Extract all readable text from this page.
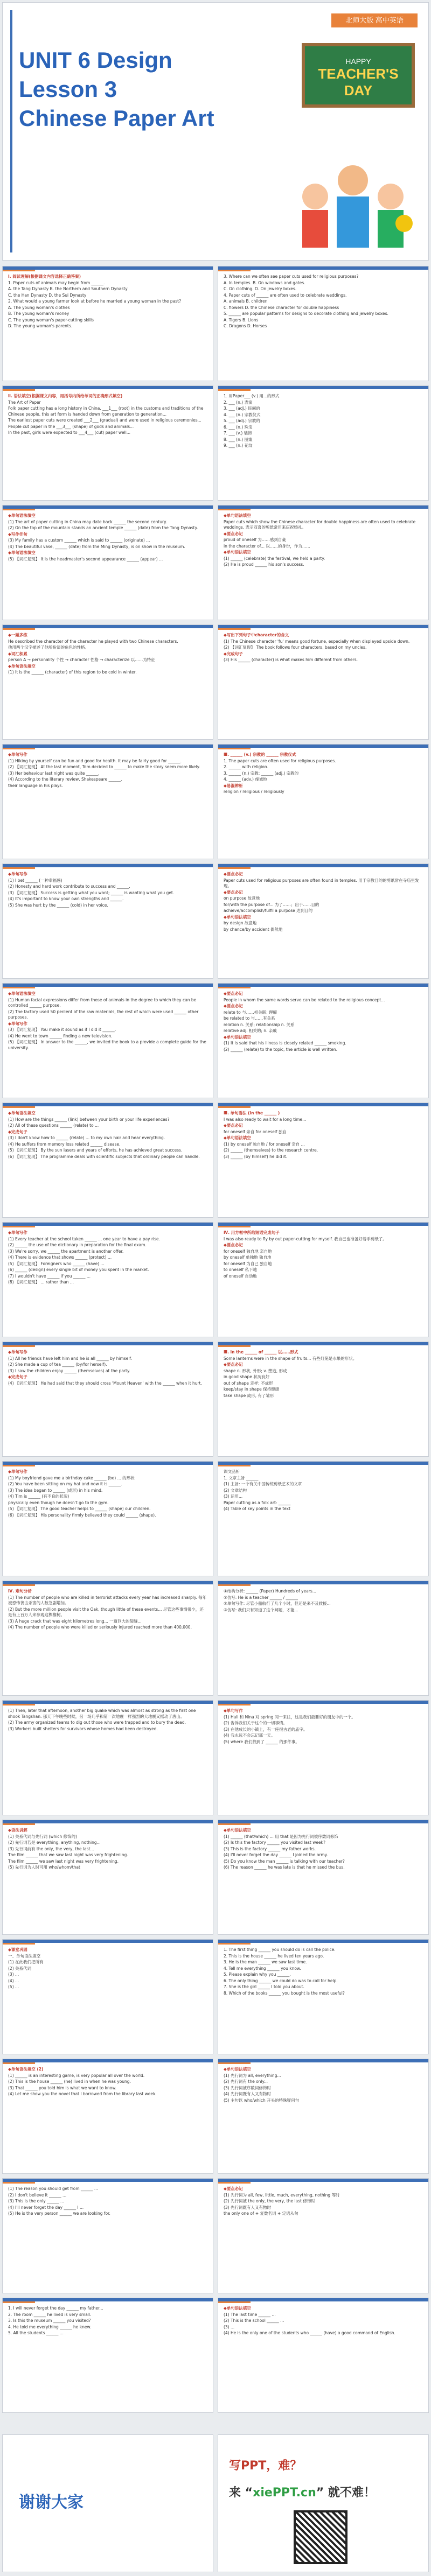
北师大版 高中英语
UNIT 6 Design
Lesson 3
Chinese Paper Art
HAPPY
TEACHER'S DAY
Ⅰ. 阅读理解(根据课文内容选择正确答案)
1. Paper cuts of animals may begin from ______.
A. the Tang Dynasty B. the Northern and Southern Dynasty
C. the Han Dynasty D. the Sui Dynasty
2. What would a young farmer look at before he married a young woman in the past?
A. The young woman's clothes
B. The young woman's money
C. The young woman's paper-cutting skills
D. The young woman's parents.
3. Where can we often see paper cuts used for religious purposes?
A. In temples. B. On windows and gates.
C. On clothing. D. On jewelry boxes.
4. Paper cuts of ______ are often used to celebrate weddings.
A. animals B. children
C. flowers D. the Chinese character for double happiness
5. ______ are popular patterns for designs to decorate clothing and jewelry boxes.
A. Tigers B. Lions
C. Dragons D. Horses
Ⅱ. 语法填空(根据课文内容，用括号内所给单词的正确形式填空)
The Art of Paper
Folk paper cutting has a long history in China. ___1___ (root) in the customs and traditions of the Chinese people, this art form is handed down from generation to generation...
The earliest paper cuts were created ___2___ (gradual) and were used in religious ceremonies...
People cut paper in the ___3___ (shape) of gods and animals...
In the past, girls were expected to ___4___ (cut) paper well...
1. 用Paper___ (v.) 用...的形式
2. ___ (n.) 表演
3. ___ (adj.) 民间的
4. ___ (n.) 宗教仪式
5. ___ (adj.) 宗教的
6. ___ (n.) 珠宝
7. ___ (v.) 装饰
8. ___ (n.) 图案
9. ___ (n.) 花纹
◆单句语法填空
(1) The art of paper cutting in China may date back ______ the second century.
(2) On the top of the mountain stands an ancient temple ______ (date) from the Tang Dynasty.
◆写作佳句
(3) My family has a custom ______ which is said to ______ (originate) ...
(4) The beautiful vase, ______ (date) from the Ming Dynasty, is on show in the museum.
◆单句语法填空
(5) 【词汇复现】 It is the headmaster's second appearance ______ (appear) ...
◆单句语法填空
Paper cuts which show the Chinese character for double happiness are often used to celebrate weddings. 表示双喜的剪纸常用来庆祝婚礼。
◆要点必记
proud of oneself 为……感到自豪
in the character of... 以……的身份，作为……
◆单句语法填空
(1) ______ (celebrate) the festival, we held a party.
(2) He is proud ______ his son's success.
◆一题多练
He described the character of the character he played with two Chinese characters.
他用两个汉字描述了他所扮演的角色的性格。
◆词汇积累
person A → personality 个性 → character 性格 → characterize 以……为特征
◆单句语法填空
(1) It is the ______ (character) of this region to be cold in winter.
◆写出下列句子中character的含义
(1) The Chinese character 'fu' means good fortune, especially when displayed upside down.
(2) 【词汇复现】 The book follows four characters, based on my uncles.
◆完成句子
(3) His ______ (character) is what makes him different from others.
◆单句写作
(1) Hiking by yourself can be fun and good for health. It may be fairly good for ______.
(2) 【词汇复现】 At the last moment, Tom decided to ______ to make the story seem more likely.
(3) Her behaviour last night was quite ______.
(4) According to the literary review, Shakespeare ______.
their language in his plays.
Ⅲ. ______ (v.) 宗教的 ______ 宗教仪式
1. The paper cuts are often used for religious purposes.
2. ______ with religion.
3. ______ (n.) 宗教; ______ (adj.) 宗教的
4. ______ (adv.) 虔诚地
◆易混辨析
religion / religious / religiously
◆单句写作
(1) I bet ______ (一种幸福感)
(2) Honesty and hard work contribute to success and ______.
(3) 【词汇复现】 Success is getting what you want; ______ is wanting what you get.
(4) It's important to know your own strengths and ______.
(5) She was hurt by the ______ (cold) in her voice.
◆要点必记
Paper cuts used for religious purposes are often found in temples. 用于宗教目的的剪纸常在寺庙里发现。
◆要点必记
on purpose 故意地
for/with the purpose of... 为了……；出于……目的
achieve/accomplish/fulfil a purpose 达到目的
◆单句语法填空
by design 故意地
by chance/by accident 偶然地
◆单句语法填空
(1) Human facial expressions differ from those of animals in the degree to which they can be controlled ______ purpose.
(2) The factory used 50 percent of the raw materials, the rest of which were used ______ other purposes.
◆单句写作
(3) 【词汇复现】 You make it sound as if I did it ______.
(4) He went to town ______ finding a new television.
(5) 【词汇复现】 In answer to the ______, we invited the book to a provide a complete guide for the university.
◆要点必记
People in whom the same words serve can be related to the religious concept...
◆要点必记
relate to 与……相关联; 理解
be related to 与……有关系
relation n. 关系; relationship n. 关系
relative adj. 相关的; n. 亲戚
◆单句语法填空
(1) It is said that his illness is closely related ______ smoking.
(2) ______ (relate) to the topic, the article is well written.
◆单句语法填空
(1) How are the things ______ (link) between your birth or your life experiences?
(2) All of these questions ______ (relate) to ...
◆完成句子
(3) I don't know how to ______ (relate) ... to my own hair and hear everything.
(4) He suffers from memory loss related ______ disease.
(5) 【词汇复现】 By the sun lasers and years of efforts, he has achieved great success.
(6) 【词汇复现】 The programme deals with scientific subjects that ordinary people can handle.
Ⅲ. 单句语法 (in the ______ )
I was also ready to wait for a long time...
◆要点必记
for oneself 亲自 for oneself 独自
◆单句语法填空
(1) by oneself 独自地 / for oneself 亲自 ...
(2) ______ (themselves) to the research centre.
(3) ______ (by himself) he did it.
◆单句写作
(1) Every teacher at the school taken ______ ... one year to have a pay rise.
(2) ______ the use of the dictionary in preparation for the final exam.
(3) We're sorry, we ______ the apartment is another offer.
(4) There is evidence that shows ______ (protect) ...
(5) 【词汇复现】 Foreigners who ______ (have) ...
(6) ______ (design) every single bit of money you spent in the market.
(7) I wouldn't have ______ if you ______ ...
(8) 【词汇复现】 ... rather than ...
Ⅳ. 用方框中所给短语完成句子
I was also ready to fly by out paper-cutting for myself. 我自己也准备好着手剪纸了。
◆要点必记
for oneself 独自地 亲自地
by oneself 单独地 独自地
for oneself 为自己 独自地
to oneself 私下地
of oneself 自动地
◆单句写作
(1) All he friends have left him and he is all ______ by himself.
(2) She made a cup of tea ______ (by/for herself).
(3) I saw the children enjoy ______ (themselves) at the party.
◆完成句子
(4) 【词汇复现】 He had said that they should cross 'Mount Heaven' with the ______ when it hurt.
Ⅲ. in the ______ of ______ 以……形式
Some lanterns were in the shape of fruits... 有些灯笼是水果的形状。
◆要点必记
shape n. 形状, 外形; v. 塑造, 形成
in good shape 状况良好
out of shape 走样; 不成形
keep/stay in shape 保持健康
take shape 成形, 有了雏形
◆单句写作
(1) My boyfriend gave me a birthday cake ______ (be) ... 的形状
(2) You have been sitting on my hat and now it is ______.
(3) The idea began to ______ (成形) in his mind.
(4) Tim is ______ (有不良的状况)
physically even though he doesn't go to the gym.
(5) 【词汇复现】 The good teacher helps to ______ (shape) our children.
(6) 【词汇复现】 His personality firmly believed they could ______ (shape).
课文品析
1. 文章主旨 ______
(1) 主旨: 一个有关中国传统剪纸艺术的文章
(2) 文章结构
(3) 运用...
Paper cutting as a folk art: ______
(4) Table of key points in the text
Ⅳ. 难句分析
(1) The number of people who are killed in terrorist attacks every year has increased sharply. 每年被恐怖袭击杀害的人数急剧增加。
(2) But the more million people visit the Oak, though little of these events... 尽管这些事情很少，还是有上百万人来参观这棵橡树。
(3) A huge crack that was eight kilometres long... 一道巨大的裂缝...
(4) The number of people who were killed or seriously injured reached more than 400,000.
①结构分析: ______ (Paper) Hundreds of years...
①仿写: He is a teacher ______ / ______
②单句写作: 尽管小船航行了几个小时，但还是来不及救援...
③仿写: 我们只有知道了这个问题，才能...
(1) Then, later that afternoon, another big quake which was almost as strong as the first one shook Tangshan. 那天下午晚些时候，另一场几乎和第一次地震一样强烈的大地震又摇动了唐山。
(2) The army organized teams to dig out those who were trapped and to bury the dead.
(3) Workers built shelters for survivors whose homes had been destroyed.
◆单句写作
(1) Hali 和 Nina 对 spring 同一来往，这是我们最要好的朋友中的一个。
(2) 告诉我们关于这个的一切事情。
(3) 在他成长的小镇上，有一座很古老的庙宇。
(4) 我永远不会忘记那一天。
(5) where 我们找到了 ______ 的那件事。
◆语法讲解
(1) 关系代词与先行词 (which 修饰的)
(2) 先行词若是 everything, anything, nothing...
(3) 先行词前有 the only, the very, the last...
The film ______ that we saw last night was very frightening.
The film ______ we saw last night was very frightening.
(5) 先行词为人时可用 who/whom/that
◆单句语法填空
(1) ______ (that/which) ... 用 that 是因为先行词被序数词修饰
(2) Is this the factory ______ you visited last week?
(3) This is the factory ______ my father works.
(4) I'll never forget the day ______ I joined the army.
(5) Do you know the man ______ is talking with our teacher?
(6) The reason ______ he was late is that he missed the bus.
◆课堂巩固
一、单句语法填空
(1) 在此我们把所有
(2) 关系代词
(3) ...
(4) ...
(5) ...
1. The first thing ______ you should do is call the police.
2. This is the house ______ he lived ten years ago.
3. He is the man ______ we saw last time.
4. Tell me everything ______ you know.
5. Please explain why you ______.
6. The only thing ______ we could do was to call for help.
7. She is the girl ______ I told you about.
8. Which of the books ______ you bought is the most useful?
◆单句语法填空 (2)
(1) ______ is an interesting game, is very popular all over the world.
(2) This is the house ______ (he) lived in when he was young.
(3) That ______ you told him is what we want to know.
(4) Let me show you the novel that I borrowed from the library last week.
◆单句语法填空
(1) 先行词为 all, everything...
(2) 先行词有 the only...
(3) 先行词被序数词修饰时
(4) 先行词既有人又有物时
(5) 主句以 who/which 开头的特殊疑问句
(1) The reason you should get from ______ ...
(2) I don't believe it ______ ...
(3) This is the only ______ ...
(4) I'll never forget the day ______ I ...
(5) He is the very person ______ we are looking for.
◆要点必记
(1) 先行词为 all, few, little, much, everything, nothing 等时
(2) 先行词被 the only, the very, the last 修饰时
(3) 先行词既有人又有物时
the only one of + 复数名词 + 定语从句
1. I will never forget the day ______ my father...
2. The room ______ he lived is very small.
3. Is this the museum ______ you visited?
4. He told me everything ______ he knew.
5. All the students ______ ...
◆单句语法填空
(1) The last time ______ ...
(2) This is the school ______ ...
(3) ...
(4) He is the only one of the students who ______ (have) a good command of English.
谢谢大家
写PPT，难？
来 “xiePPT.cn” 就不难！
